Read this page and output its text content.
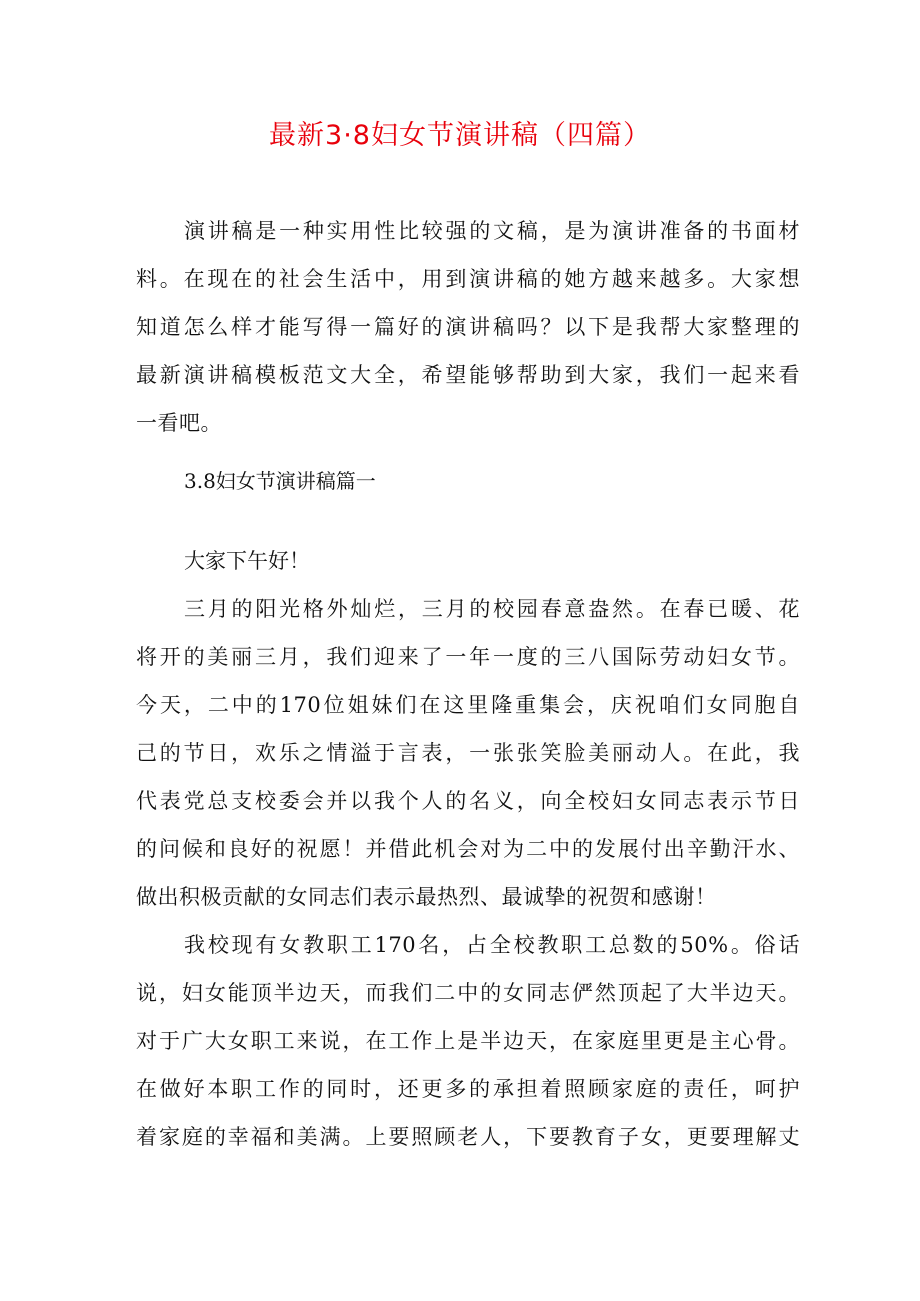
最新3·8妇女节演讲稿（四篇）

演讲稿是一种实用性比较强的文稿，是为演讲准备的书面材

料。在现在的社会生活中，用到演讲稿的她方越来越多。大家想

知道怎么样才能写得一篇好的演讲稿吗？以下是我帮大家整理的

最新演讲稿模板范文大全，希望能够帮助到大家，我们一起来看

一看吧。

3.8妇女节演讲稿篇一

大家下午好！

三月的阳光格外灿烂，三月的校园春意盎然。在春已暖、花

将开的美丽三月，我们迎来了一年一度的三八国际劳动妇女节。

今天，二中的170位姐妹们在这里隆重集会，庆祝咱们女同胞自

己的节日，欢乐之情溢于言表，一张张笑脸美丽动人。在此，我

代表党总支校委会并以我个人的名义，向全校妇女同志表示节日

的问候和良好的祝愿！并借此机会对为二中的发展付出辛勤汗水、

做出积极贡献的女同志们表示最热烈、最诚挚的祝贺和感谢！

我校现有女教职工170名，占全校教职工总数的50%。俗话

说，妇女能顶半边天，而我们二中的女同志俨然顶起了大半边天。

对于广大女职工来说，在工作上是半边天，在家庭里更是主心骨。

在做好本职工作的同时，还更多的承担着照顾家庭的责任，呵护

着家庭的幸福和美满。上要照顾老人，下要教育子女，更要理解丈
